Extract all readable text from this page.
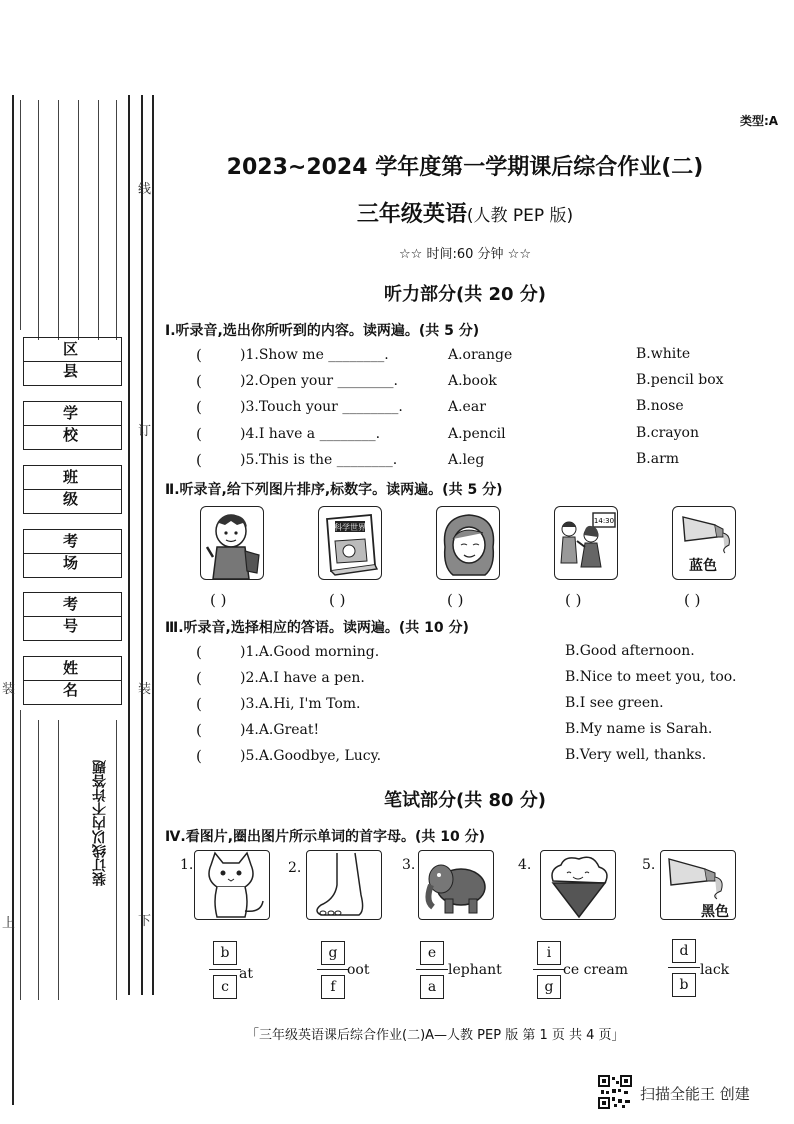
区 县
学 校
班 级
考 场
考 号
姓 名
装订线以内不许答题
线
订
装
下
上
装
类型:A
2023~2024 学年度第一学期课后综合作业(二)
三年级英语(人教 PEP 版)
☆☆ 时间:60 分钟 ☆☆
听力部分(共 20 分)
Ⅰ.听录音,选出你所听到的内容。读两遍。(共 5 分)
(	)1.Show me ________.	A.orange	B.white
(	)2.Open your ________.	A.book	B.pencil box
(	)3.Touch your ________.	A.ear	B.nose
(	)4.I have a ________.	A.pencil	B.crayon
(	)5.This is the ________.	A.leg	B.arm
Ⅱ.听录音,给下列图片排序,标数字。读两遍。(共 5 分)
科学世界
14:30
蓝色
( )	( )	( )	( )	( )
Ⅲ.听录音,选择相应的答语。读两遍。(共 10 分)
(	)1.A.Good morning.	B.Good afternoon.
(	)2.A.I have a pen.	B.Nice to meet you, too.
(	)3.A.Hi, I'm Tom.	B.I see green.
(	)4.A.Great!	B.My name is Sarah.
(	)5.A.Goodbye, Lucy.	B.Very well, thanks.
笔试部分(共 80 分)
Ⅳ.看图片,圈出图片所示单词的首字母。(共 10 分)
1.	2.	3.	4.	5.
黑色
b
c
at
g
f
oot
e
a
lephant
i
g
ce cream
d
b
lack
「三年级英语课后综合作业(二)A—人教 PEP 版 第 1 页 共 4 页」
扫描全能王 创建
